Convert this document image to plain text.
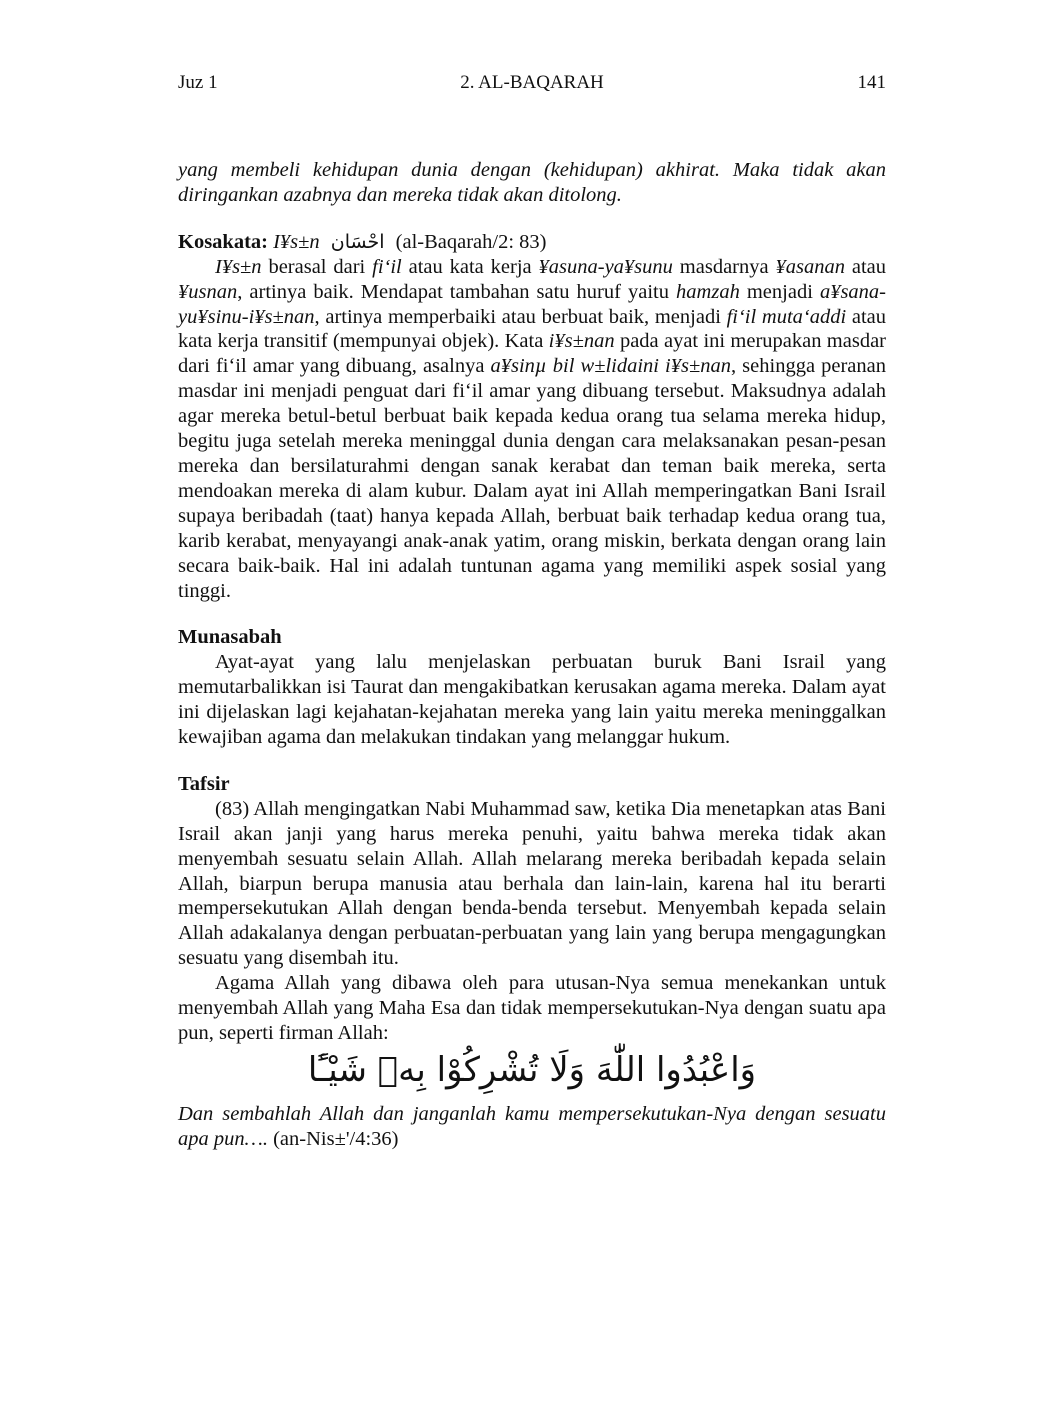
Juz 1	2. AL-BAQARAH	141

yang membeli kehidupan dunia dengan (kehidupan) akhirat. Maka tidak akan diringankan azabnya dan mereka tidak akan ditolong.

Kosakata: I¥s±n احْسَان (al-Baqarah/2: 83)

I¥s±n berasal dari fi‘il atau kata kerja ¥asuna-ya¥sunu masdarnya ¥asanan atau ¥usnan, artinya baik. Mendapat tambahan satu huruf yaitu hamzah menjadi a¥sana-yu¥sinu-i¥s±nan, artinya memperbaiki atau berbuat baik, menjadi fi‘il muta‘addi atau kata kerja transitif (mempunyai objek). Kata i¥s±nan pada ayat ini merupakan masdar dari fi‘il amar yang dibuang, asalnya a¥sinµ bil w±lidaini i¥s±nan, sehingga peranan masdar ini menjadi penguat dari fi‘il amar yang dibuang tersebut. Maksudnya adalah agar mereka betul-betul berbuat baik kepada kedua orang tua selama mereka hidup, begitu juga setelah mereka meninggal dunia dengan cara melaksanakan pesan-pesan mereka dan bersilaturahmi dengan sanak kerabat dan teman baik mereka, serta mendoakan mereka di alam kubur. Dalam ayat ini Allah memperingatkan Bani Israil supaya beribadah (taat) hanya kepada Allah, berbuat baik terhadap kedua orang tua, karib kerabat, menyayangi anak-anak yatim, orang miskin, berkata dengan orang lain secara baik-baik. Hal ini adalah tuntunan agama yang memiliki aspek sosial yang tinggi.

Munasabah

Ayat-ayat yang lalu menjelaskan perbuatan buruk Bani Israil yang memutarbalikkan isi Taurat dan mengakibatkan kerusakan agama mereka. Dalam ayat ini dijelaskan lagi kejahatan-kejahatan mereka yang lain yaitu mereka meninggalkan kewajiban agama dan melakukan tindakan yang melanggar hukum.

Tafsir

(83) Allah mengingatkan Nabi Muhammad saw, ketika Dia menetapkan atas Bani Israil akan janji yang harus mereka penuhi, yaitu bahwa mereka tidak akan menyembah sesuatu selain Allah. Allah melarang mereka beribadah kepada selain Allah, biarpun berupa manusia atau berhala dan lain-lain, karena hal itu berarti mempersekutukan Allah dengan benda-benda tersebut. Menyembah kepada selain Allah adakalanya dengan perbuatan-perbuatan yang lain yang berupa mengagungkan sesuatu yang disembah itu.

Agama Allah yang dibawa oleh para utusan-Nya semua menekankan untuk menyembah Allah yang Maha Esa dan tidak mempersekutukan-Nya dengan suatu apa pun, seperti firman Allah:

وَاعْبُدُوا اللّٰهَ وَلَا تُشْرِكُوْا بِهٖ شَيْـًٔا

Dan sembahlah Allah dan janganlah kamu mempersekutukan-Nya dengan sesuatu apa pun…. (an-Nis±'/4:36)
